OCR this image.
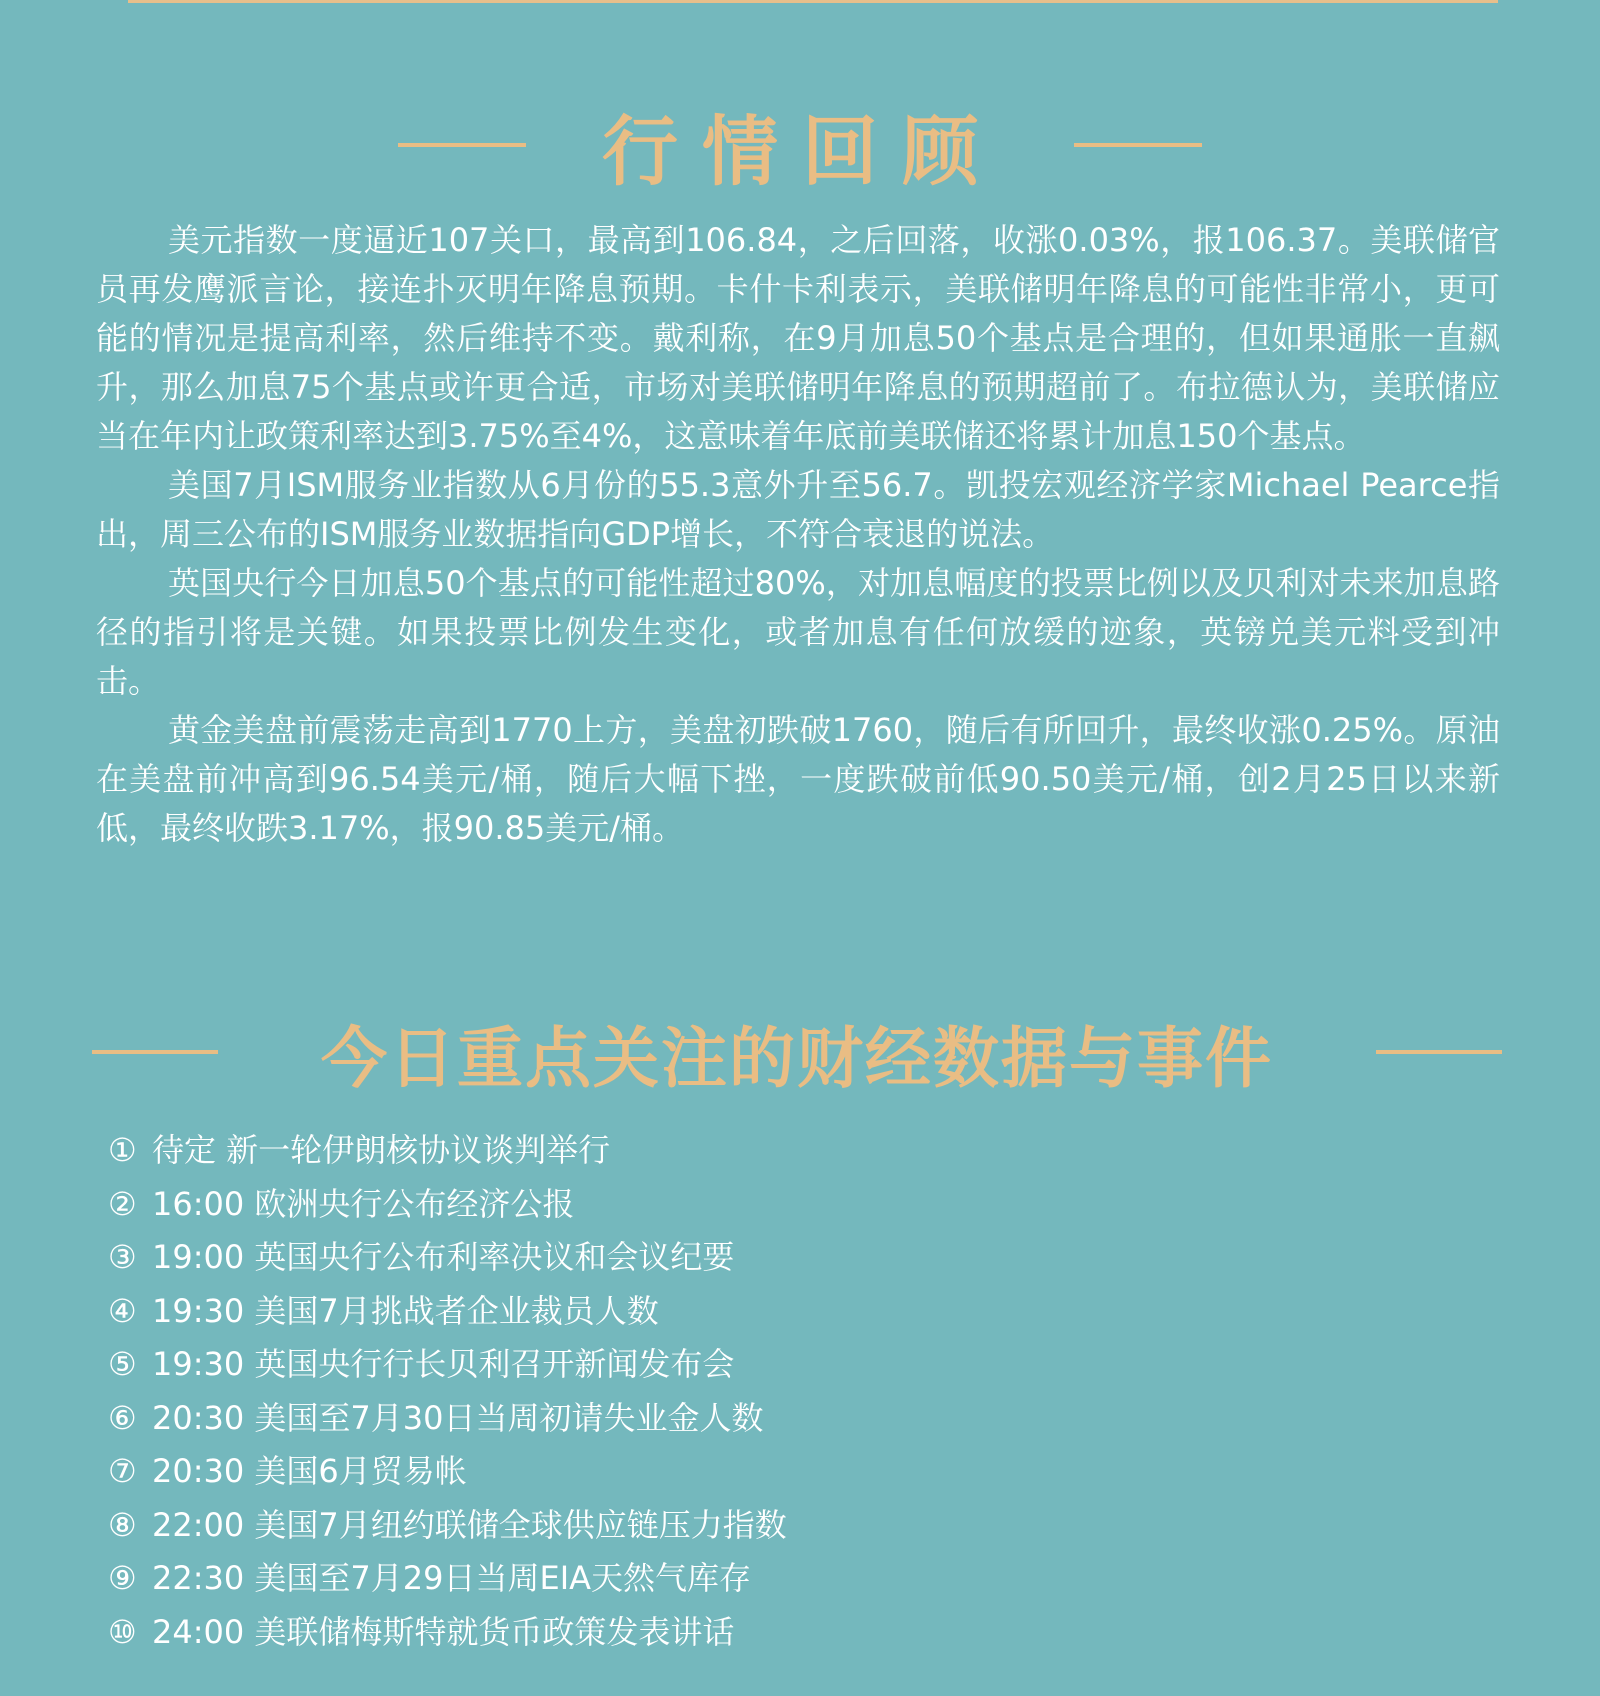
行情回顾

美元指数一度逼近107关口，最高到106.84，之后回落，收涨0.03%，报106.37。美联储官员再发鹰派言论，接连扑灭明年降息预期。卡什卡利表示，美联储明年降息的可能性非常小，更可能的情况是提高利率，然后维持不变。戴利称，在9月加息50个基点是合理的，但如果通胀一直飙升，那么加息75个基点或许更合适，市场对美联储明年降息的预期超前了。布拉德认为，美联储应当在年内让政策利率达到3.75%至4%，这意味着年底前美联储还将累计加息150个基点。

美国7月ISM服务业指数从6月份的55.3意外升至56.7。凯投宏观经济学家Michael Pearce指出，周三公布的ISM服务业数据指向GDP增长，不符合衰退的说法。

英国央行今日加息50个基点的可能性超过80%，对加息幅度的投票比例以及贝利对未来加息路径的指引将是关键。如果投票比例发生变化，或者加息有任何放缓的迹象，英镑兑美元料受到冲击。

黄金美盘前震荡走高到1770上方，美盘初跌破1760，随后有所回升，最终收涨0.25%。原油在美盘前冲高到96.54美元/桶，随后大幅下挫，一度跌破前低90.50美元/桶，创2月25日以来新低，最终收跌3.17%，报90.85美元/桶。

今日重点关注的财经数据与事件
① 待定 新一轮伊朗核协议谈判举行
② 16:00 欧洲央行公布经济公报
③ 19:00 英国央行公布利率决议和会议纪要
④ 19:30 美国7月挑战者企业裁员人数
⑤ 19:30 英国央行行长贝利召开新闻发布会
⑥ 20:30 美国至7月30日当周初请失业金人数
⑦ 20:30 美国6月贸易帐
⑧ 22:00 美国7月纽约联储全球供应链压力指数
⑨ 22:30 美国至7月29日当周EIA天然气库存
⑩ 24:00 美联储梅斯特就货币政策发表讲话
